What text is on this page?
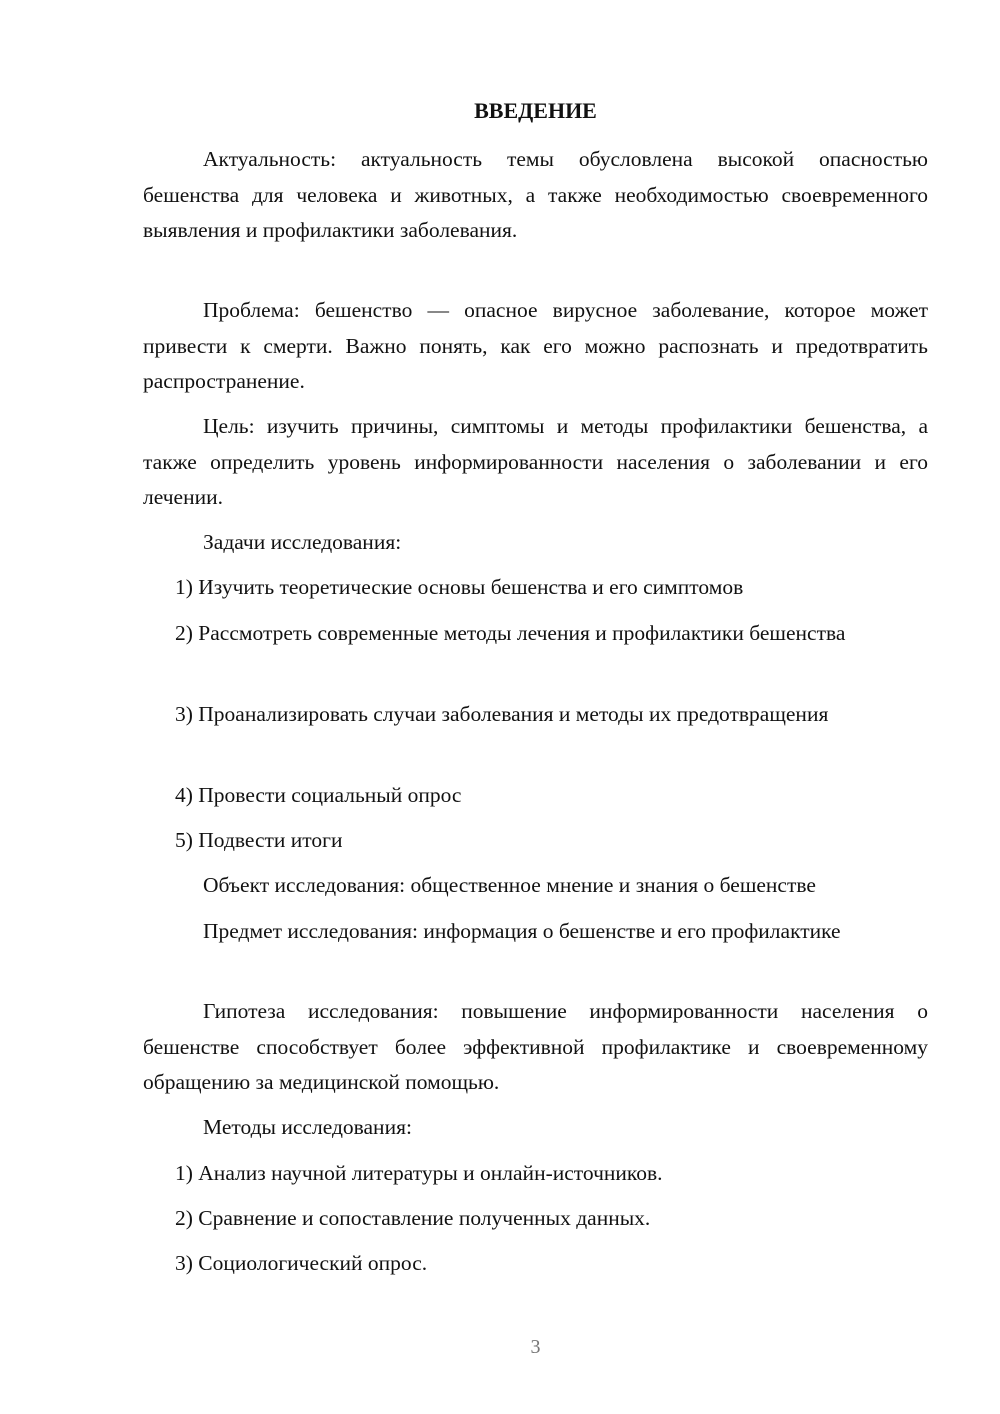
ВВЕДЕНИЕ
Актуальность: актуальность темы обусловлена высокой опасностью бешенства для человека и животных, а также необходимостью своевременного выявления и профилактики заболевания.
Проблема: бешенство — опасное вирусное заболевание, которое может привести к смерти. Важно понять, как его можно распознать и предотвратить распространение.
Цель: изучить причины, симптомы и методы профилактики бешенства, а также определить уровень информированности населения о заболевании и его лечении.
Задачи исследования:
1) Изучить теоретические основы бешенства и его симптомов
2) Рассмотреть современные методы лечения и профилактики бешенства
3) Проанализировать случаи заболевания и методы их предотвращения
4) Провести социальный опрос
5) Подвести итоги
Объект исследования: общественное мнение и знания о бешенстве
Предмет исследования: информация о бешенстве и его профилактике
Гипотеза исследования: повышение информированности населения о бешенстве способствует более эффективной профилактике и своевременному обращению за медицинской помощью.
Методы исследования:
1) Анализ научной литературы и онлайн-источников.
2) Сравнение и сопоставление полученных данных.
3) Социологический опрос.
3
